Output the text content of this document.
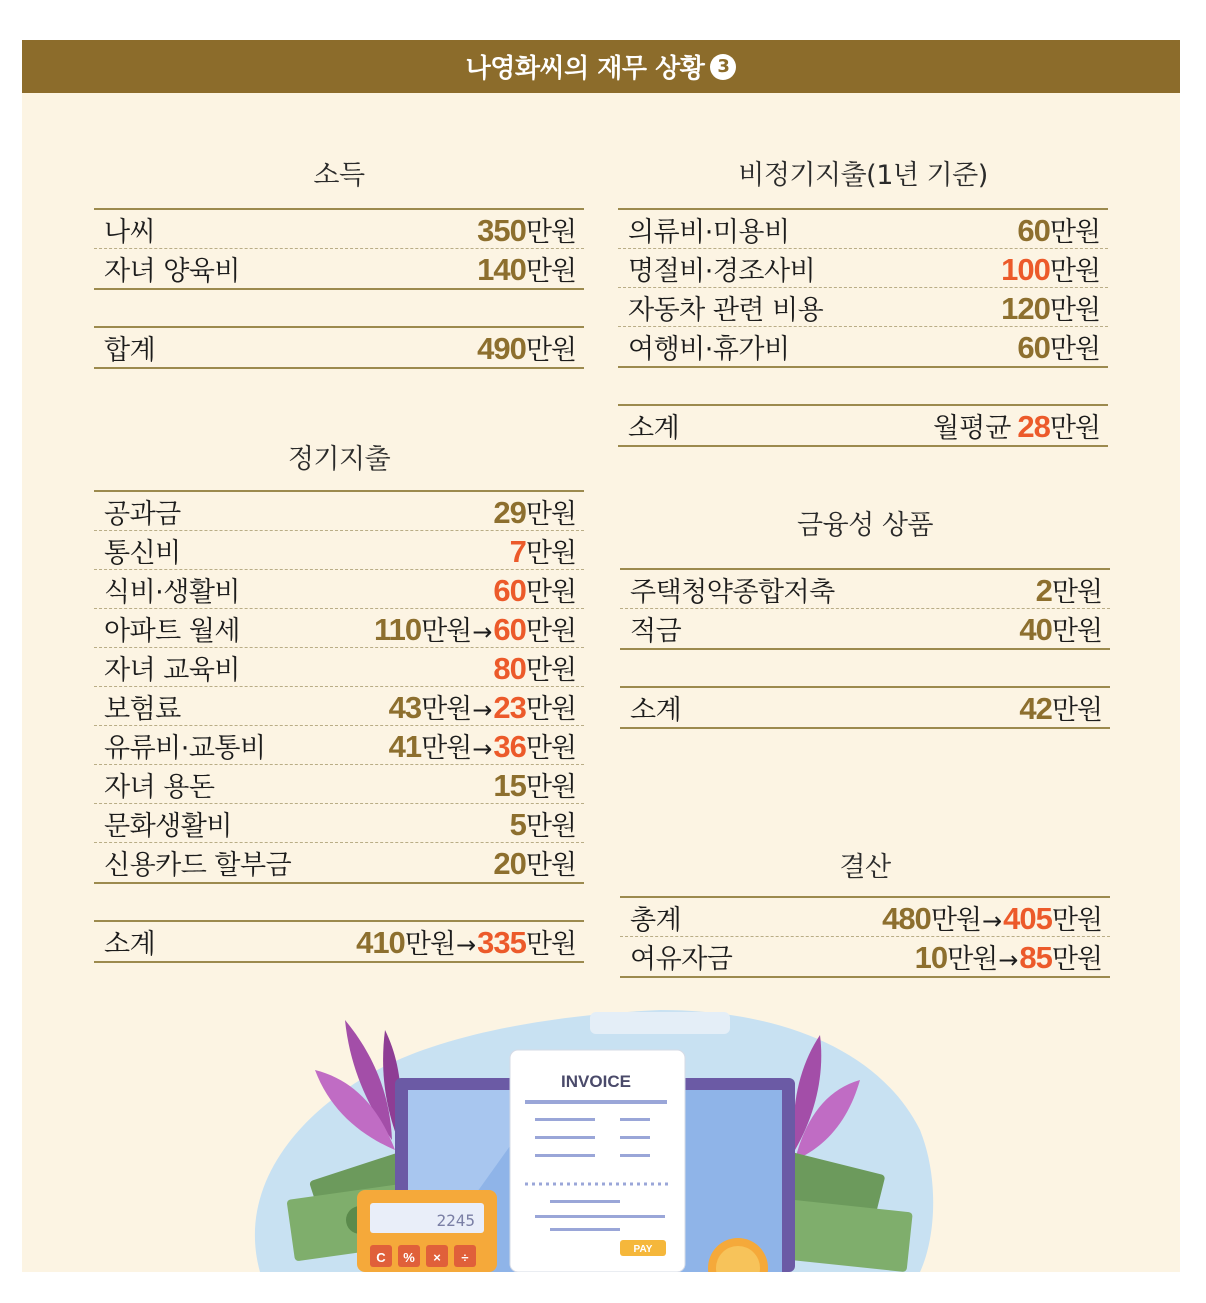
나영화씨의 재무 상황 3
소득
나씨	350 만원
자녀 양육비	140 만원
합계	490 만원
정기지출
공과금	29 만원
통신비	7 만원
식비·생활비	60 만원
아파트 월세	110 만원 → 60 만원
자녀 교육비	80 만원
보험료	43 만원 → 23 만원
유류비·교통비	41 만원 → 36 만원
자녀 용돈	15 만원
문화생활비	5 만원
신용카드 할부금	20 만원
소계	410 만원 → 335 만원
비정기지출(1년 기준)
의류비·미용비	60 만원
명절비·경조사비	100 만원
자동차 관련 비용	120 만원
여행비·휴가비	60 만원
소계	월평균 28 만원
금융성 상품
주택청약종합저축	2 만원
적금	40 만원
소계	42 만원
결산
총계	480 만원 → 405 만원
여유자금	10 만원 → 85 만원
INVOICE
PAY
2245
C % × ÷
